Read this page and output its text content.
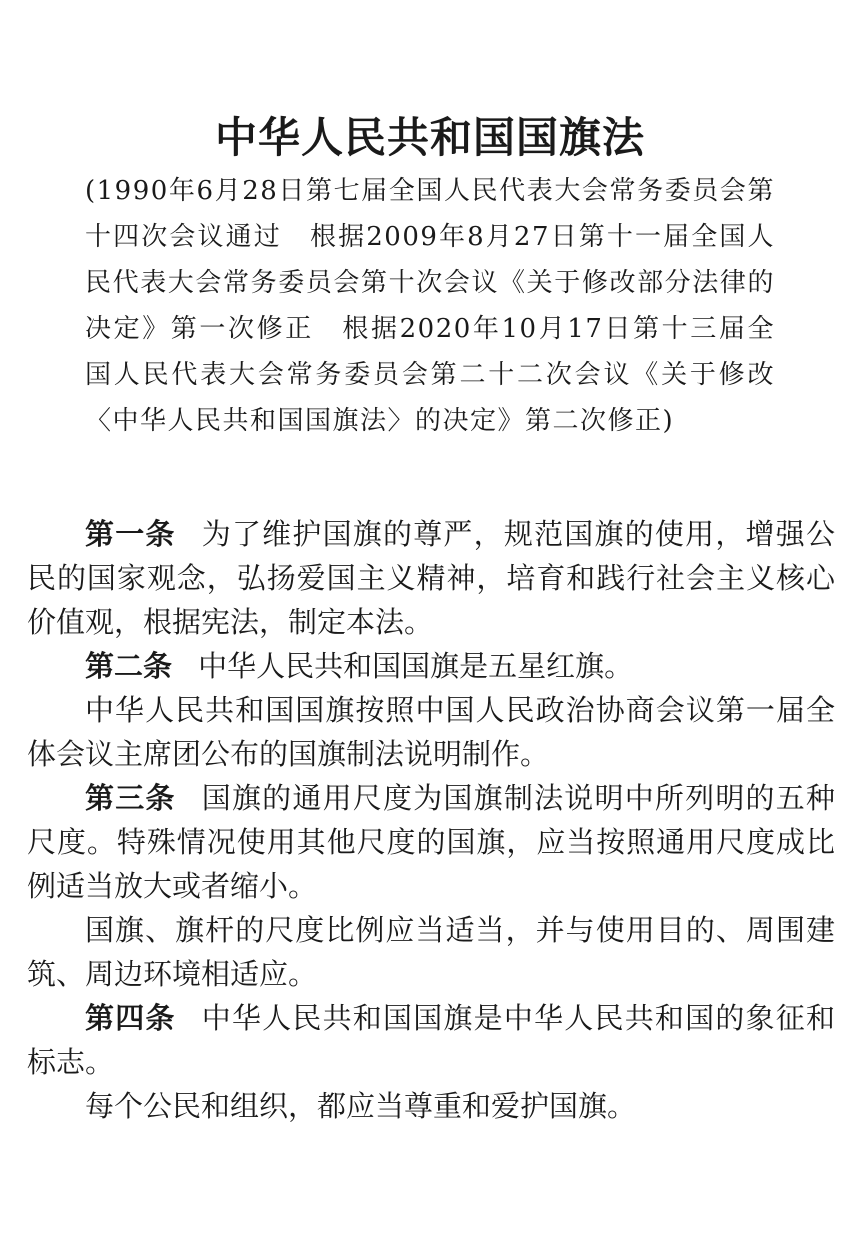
中华人民共和国国旗法

(1990年6月28日第七届全国人民代表大会常务委员会第十四次会议通过　根据2009年8月27日第十一届全国人民代表大会常务委员会第十次会议《关于修改部分法律的决定》第一次修正　根据2020年10月17日第十三届全国人民代表大会常务委员会第二十二次会议《关于修改〈中华人民共和国国旗法〉的决定》第二次修正)

第一条 为了维护国旗的尊严，规范国旗的使用，增强公民的国家观念，弘扬爱国主义精神，培育和践行社会主义核心价值观，根据宪法，制定本法。

第二条 中华人民共和国国旗是五星红旗。

中华人民共和国国旗按照中国人民政治协商会议第一届全体会议主席团公布的国旗制法说明制作。

第三条 国旗的通用尺度为国旗制法说明中所列明的五种尺度。特殊情况使用其他尺度的国旗，应当按照通用尺度成比例适当放大或者缩小。

国旗、旗杆的尺度比例应当适当，并与使用目的、周围建筑、周边环境相适应。

第四条 中华人民共和国国旗是中华人民共和国的象征和标志。

每个公民和组织，都应当尊重和爱护国旗。
